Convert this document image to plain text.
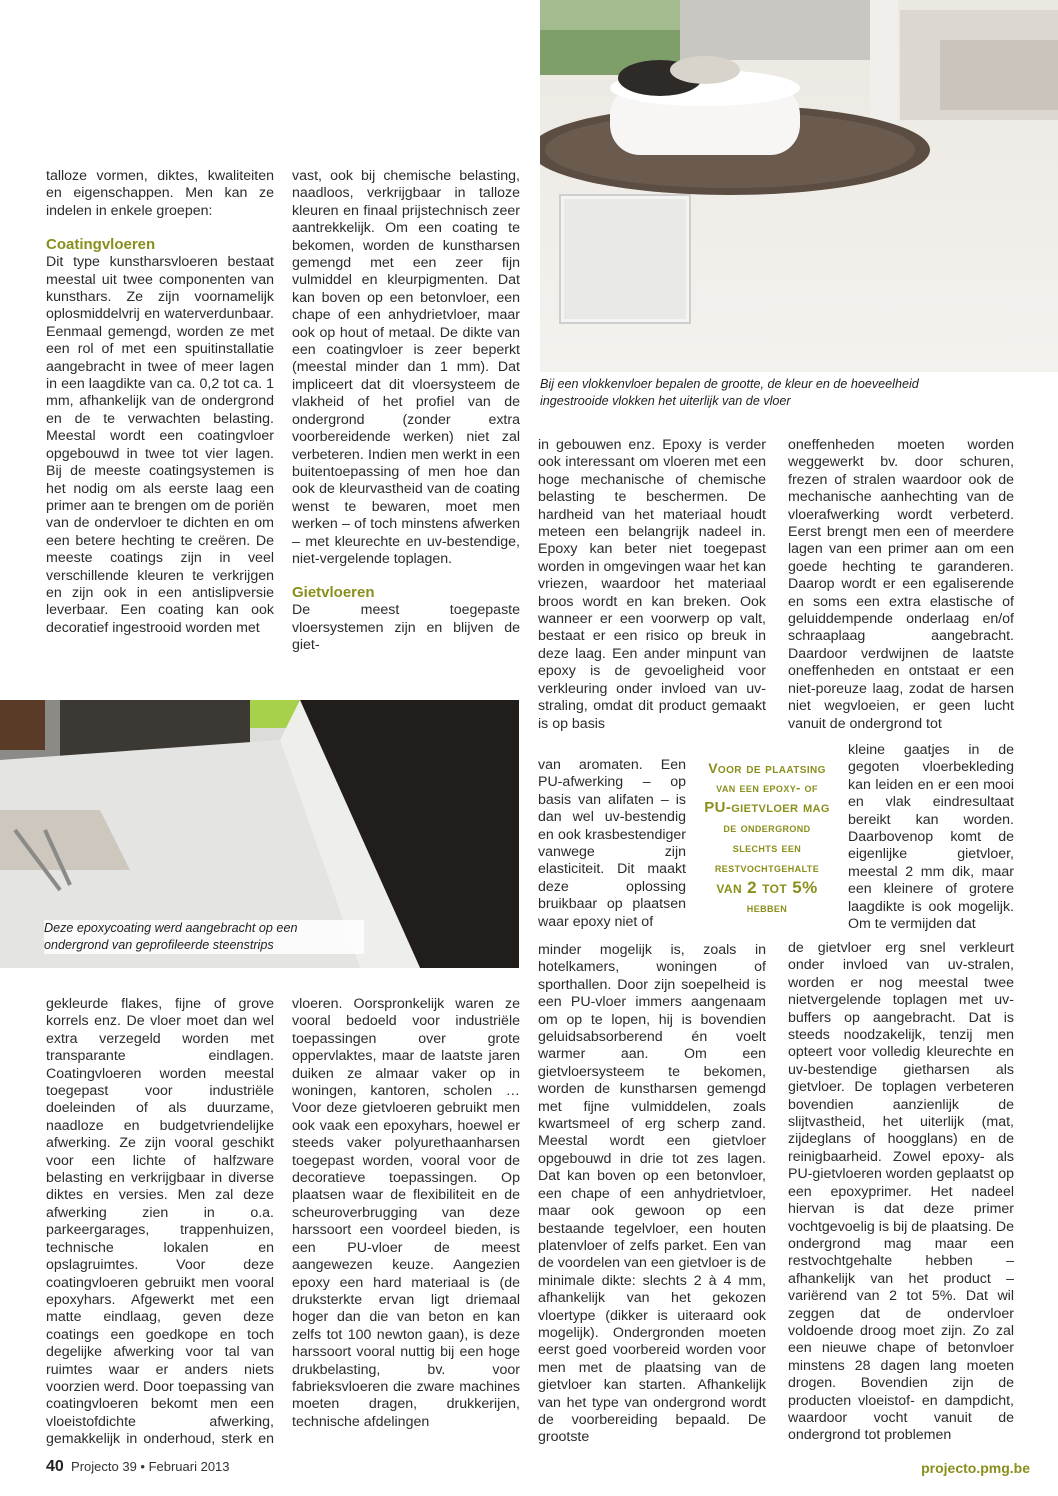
Bij een vlokkenvloer bepalen de grootte, de kleur en de hoeveelheid ingestrooide vlokken het uiterlijk van de vloer
Deze epoxycoating werd aangebracht op een ondergrond van geprofileerde steenstrips

talloze vormen, diktes, kwaliteiten en eigenschappen. Men kan ze indelen in enkele groepen:

Coatingvloeren

Dit type kunstharsvloeren bestaat meestal uit twee componenten van kunsthars. Ze zijn voornamelijk oplosmiddelvrij en waterverdunbaar. Eenmaal gemengd, worden ze met een rol of met een spuitinstallatie aangebracht in twee of meer lagen in een laagdikte van ca. 0,2 tot ca. 1 mm, afhankelijk van de ondergrond en de te verwachten belasting. Meestal wordt een coatingvloer opgebouwd in twee tot vier lagen. Bij de meeste coatingsystemen is het nodig om als eerste laag een primer aan te brengen om de poriën van de ondervloer te dichten en om een betere hechting te creëren. De meeste coatings zijn in veel verschillende kleuren te verkrijgen en zijn ook in een antislipversie leverbaar. Een coating kan ook decoratief ingestrooid worden met

vast, ook bij chemische belasting, naadloos, verkrijgbaar in talloze kleuren en finaal prijstechnisch zeer aantrekkelijk. Om een coating te bekomen, worden de kunstharsen gemengd met een zeer fijn vulmiddel en kleurpigmenten. Dat kan boven op een betonvloer, een chape of een anhydrietvloer, maar ook op hout of metaal. De dikte van een coatingvloer is zeer beperkt (meestal minder dan 1 mm). Dat impliceert dat dit vloersysteem de vlakheid of het profiel van de ondergrond (zonder extra voorbereidende werken) niet zal verbeteren. Indien men werkt in een buitentoepassing of men hoe dan ook de kleurvastheid van de coating wenst te bewaren, moet men werken – of toch minstens afwerken – met kleurechte en uv-bestendige, niet-vergelende toplagen.

Gietvloeren

De meest toegepaste vloersystemen zijn en blijven de giet-

in gebouwen enz. Epoxy is verder ook interessant om vloeren met een hoge mechanische of chemische belasting te beschermen. De hardheid van het materiaal houdt meteen een belangrijk nadeel in. Epoxy kan beter niet toegepast worden in omgevingen waar het kan vriezen, waardoor het materiaal broos wordt en kan breken. Ook wanneer er een voorwerp op valt, bestaat er een risico op breuk in deze laag. Een ander minpunt van epoxy is de gevoeligheid voor verkleuring onder invloed van uv-straling, omdat dit product gemaakt is op basis

van aromaten. Een PU-afwerking – op basis van alifaten – is dan wel uv-bestendig en ook krasbestendiger vanwege zijn elasticiteit. Dit maakt deze oplossing bruikbaar op plaatsen waar epoxy niet of

minder mogelijk is, zoals in hotelkamers, woningen of sporthallen. Door zijn soepelheid is een PU-vloer immers aangenaam om op te lopen, hij is bovendien geluidsabsorberend én voelt warmer aan. Om een gietvloersysteem te bekomen, worden de kunstharsen gemengd met fijne vulmiddelen, zoals kwartsmeel of erg scherp zand. Meestal wordt een gietvloer opgebouwd in drie tot zes lagen. Dat kan boven op een betonvloer, een chape of een anhydrietvloer, maar ook gewoon op een bestaande tegelvloer, een houten platenvloer of zelfs parket. Een van de voordelen van een gietvloer is de minimale dikte: slechts 2 à 4 mm, afhankelijk van het gekozen vloertype (dikker is uiteraard ook mogelijk). Ondergronden moeten eerst goed voorbereid worden voor men met de plaatsing van de gietvloer kan starten. Afhankelijk van het type van ondergrond wordt de voorbereiding bepaald. De grootste

Voor de plaatsing
van een epoxy- of
PU-gietvloer mag
de ondergrond
slechts een
restvochtgehalte
van 2 tot 5%
hebben

oneffenheden moeten worden weggewerkt bv. door schuren, frezen of stralen waardoor ook de mechanische aanhechting van de vloerafwerking wordt verbeterd. Eerst brengt men een of meerdere lagen van een primer aan om een goede hechting te garanderen. Daarop wordt er een egaliserende en soms een extra elastische of geluiddempende onderlaag en/of schraaplaag aangebracht. Daardoor verdwijnen de laatste oneffenheden en ontstaat er een niet-poreuze laag, zodat de harsen niet wegvloeien, er geen lucht vanuit de ondergrond tot

kleine gaatjes in de gegoten vloerbekleding kan leiden en er een mooi en vlak eindresultaat bereikt kan worden. Daarbovenop komt de eigenlijke gietvloer, meestal 2 mm dik, maar een kleinere of grotere laagdikte is ook mogelijk. Om te vermijden dat

de gietvloer erg snel verkleurt onder invloed van uv-stralen, worden er nog meestal twee nietvergelende toplagen met uv-buffers op aangebracht. Dat is steeds noodzakelijk, tenzij men opteert voor volledig kleurechte en uv-bestendige gietharsen als gietvloer. De toplagen verbeteren bovendien aanzienlijk de slijtvastheid, het uiterlijk (mat, zijdeglans of hoogglans) en de reinigbaarheid. Zowel epoxy- als PU-gietvloeren worden geplaatst op een epoxyprimer. Het nadeel hiervan is dat deze primer vochtgevoelig is bij de plaatsing. De ondergrond mag maar een restvochtgehalte hebben – afhankelijk van het product – variërend van 2 tot 5%. Dat wil zeggen dat de ondervloer voldoende droog moet zijn. Zo zal een nieuwe chape of betonvloer minstens 28 dagen lang moeten drogen. Bovendien zijn de producten vloeistof- en dampdicht, waardoor vocht vanuit de ondergrond tot problemen

gekleurde flakes, fijne of grove korrels enz. De vloer moet dan wel extra verzegeld worden met transparante eindlagen. Coatingvloeren worden meestal toegepast voor industriële doeleinden of als duurzame, naadloze en budgetvriendelijke afwerking. Ze zijn vooral geschikt voor een lichte of halfzware belasting en verkrijgbaar in diverse diktes en versies. Men zal deze afwerking zien in o.a. parkeergarages, trappenhuizen, technische lokalen en opslagruimtes. Voor deze coatingvloeren gebruikt men vooral epoxyhars. Afgewerkt met een matte eindlaag, geven deze coatings een goedkope en toch degelijke afwerking voor tal van ruimtes waar er anders niets voorzien werd. Door toepassing van coatingvloeren bekomt men een vloeistofdichte afwerking, gemakkelijk in onderhoud, sterk en

vloeren. Oorspronkelijk waren ze vooral bedoeld voor industriële toepassingen over grote oppervlaktes, maar de laatste jaren duiken ze almaar vaker op in woningen, kantoren, scholen … Voor deze gietvloeren gebruikt men ook vaak een epoxyhars, hoewel er steeds vaker polyurethaanharsen toegepast worden, vooral voor de decoratieve toepassingen. Op plaatsen waar de flexibiliteit en de scheuroverbrugging van deze harssoort een voordeel bieden, is een PU-vloer de meest aangewezen keuze. Aangezien epoxy een hard materiaal is (de druksterkte ervan ligt driemaal hoger dan die van beton en kan zelfs tot 100 newton gaan), is deze harssoort vooral nuttig bij een hoge drukbelasting, bv. voor fabrieksvloeren die zware machines moeten dragen, drukkerijen, technische afdelingen

40 Projecto 39 • Februari 2013	projecto.pmg.be
